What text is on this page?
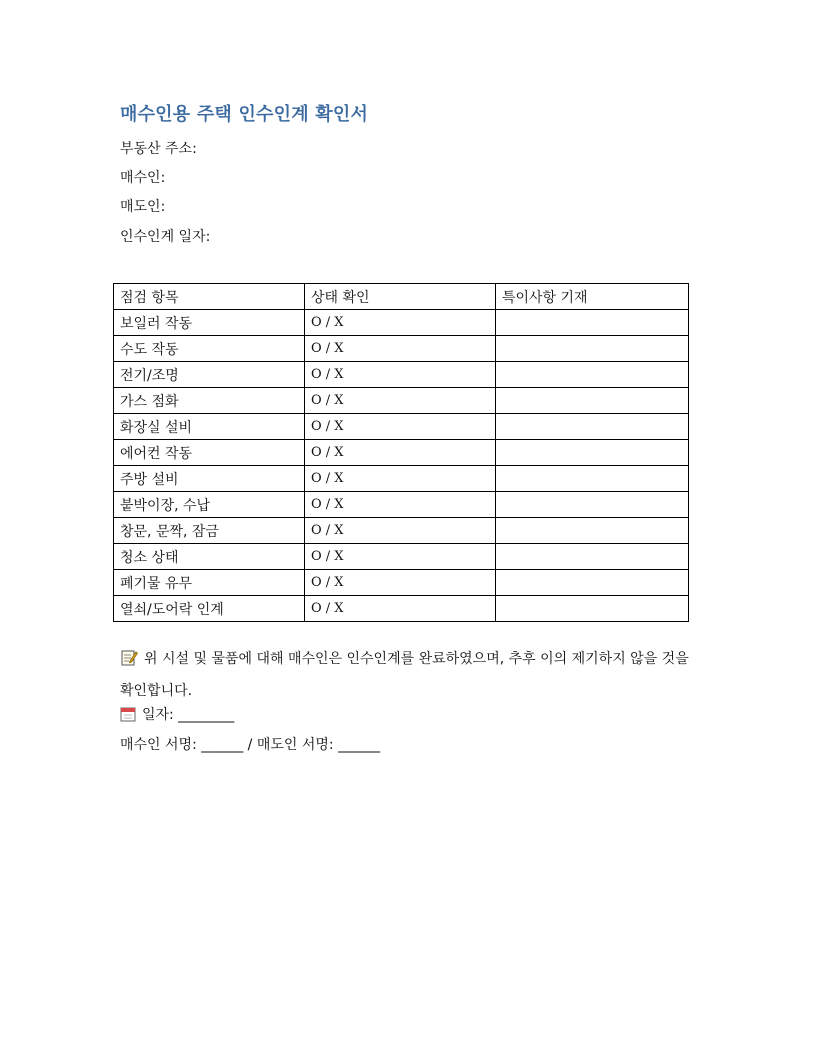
매수인용 주택 인수인계 확인서
부동산 주소:
매수인:
매도인:
인수인계 일자:
점검 항목	상태 확인	특이사항 기재
보일러 작동	O / X	
수도 작동	O / X	
전기/조명	O / X	
가스 점화	O / X	
화장실 설비	O / X	
에어컨 작동	O / X	
주방 설비	O / X	
붙박이장, 수납	O / X	
창문, 문짝, 잠금	O / X	
청소 상태	O / X	
폐기물 유무	O / X	
열쇠/도어락 인계	O / X	
위 시설 및 물품에 대해 매수인은 인수인계를 완료하였으며, 추후 이의 제기하지 않을 것을 확인합니다.
일자: ________
매수인 서명: ______ / 매도인 서명: ______
